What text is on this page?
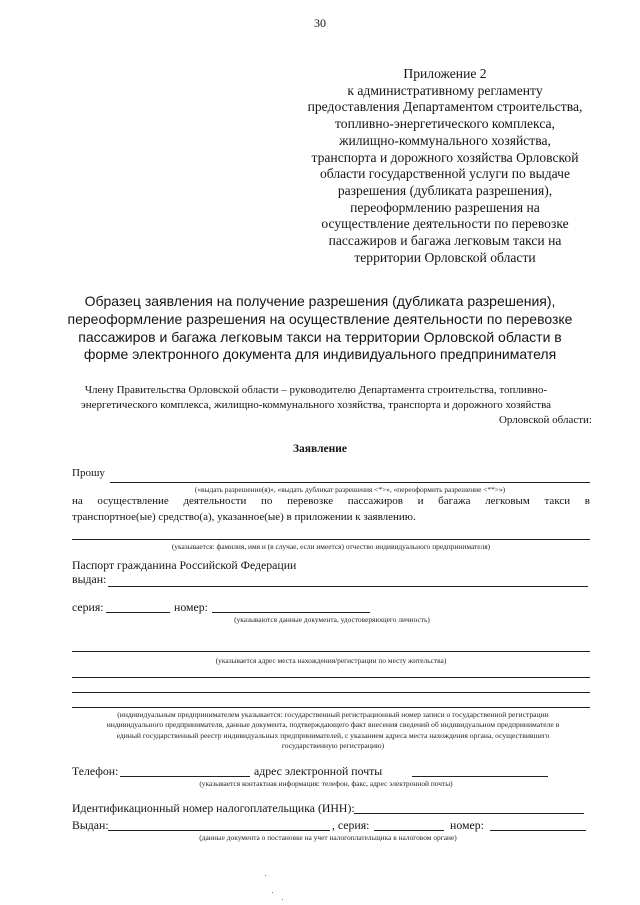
30
Приложение 2
к административному регламенту
предоставления Департаментом строительства,
топливно-энергетического комплекса,
жилищно-коммунального хозяйства,
транспорта и дорожного хозяйства Орловской
области государственной услуги по выдаче
разрешения (дубликата разрешения),
переоформлению разрешения на
осуществление деятельности по перевозке
пассажиров и багажа легковым такси на
территории Орловской области
Образец заявления на получение разрешения (дубликата разрешения),
переоформление разрешения на осуществление деятельности по перевозке
пассажиров и багажа легковым такси на территории Орловской области в
форме электронного документа для индивидуального предпринимателя
Члену Правительства Орловской области – руководителю Департамента строительства, топливно-
энергетического комплекса, жилищно-коммунального хозяйства, транспорта и дорожного хозяйства
Орловской области:
Заявление
Прошу
(«выдать разрешение(я)», «выдать дубликат разрешения <*>», «переоформить разрешение <**>»)
на осуществление деятельности по перевозке пассажиров и багажа легковым такси в
транспортное(ые) средство(а), указанное(ые) в приложении к заявлению.
(указывается: фамилия, имя и (в случае, если имеется) отчество индивидуального предпринимателя)
Паспорт гражданина Российской Федерации
выдан:
серия:	номер:
(указываются данные документа, удостоверяющего личность)
(указывается адрес места нахождения/регистрации по месту жительства)
(индивидуальным предпринимателем указывается: государственный регистрационный номер записи о государственной регистрации
индивидуального предпринимателя, данные документа, подтверждающего факт внесения сведений об индивидуальном предпринимателе в
единый государственный реестр индивидуальных предпринимателей, с указанием адреса места нахождения органа, осуществившего
государственную регистрацию)
Телефон:	адрес электронной почты
(указывается контактная информация: телефон, факс, адрес электронной почты)
Идентификационный номер налогоплательщика (ИНН):
Выдан:	, серия:	номер:
(данные документа о постановке на учет налогоплательщика в налоговом органе)
